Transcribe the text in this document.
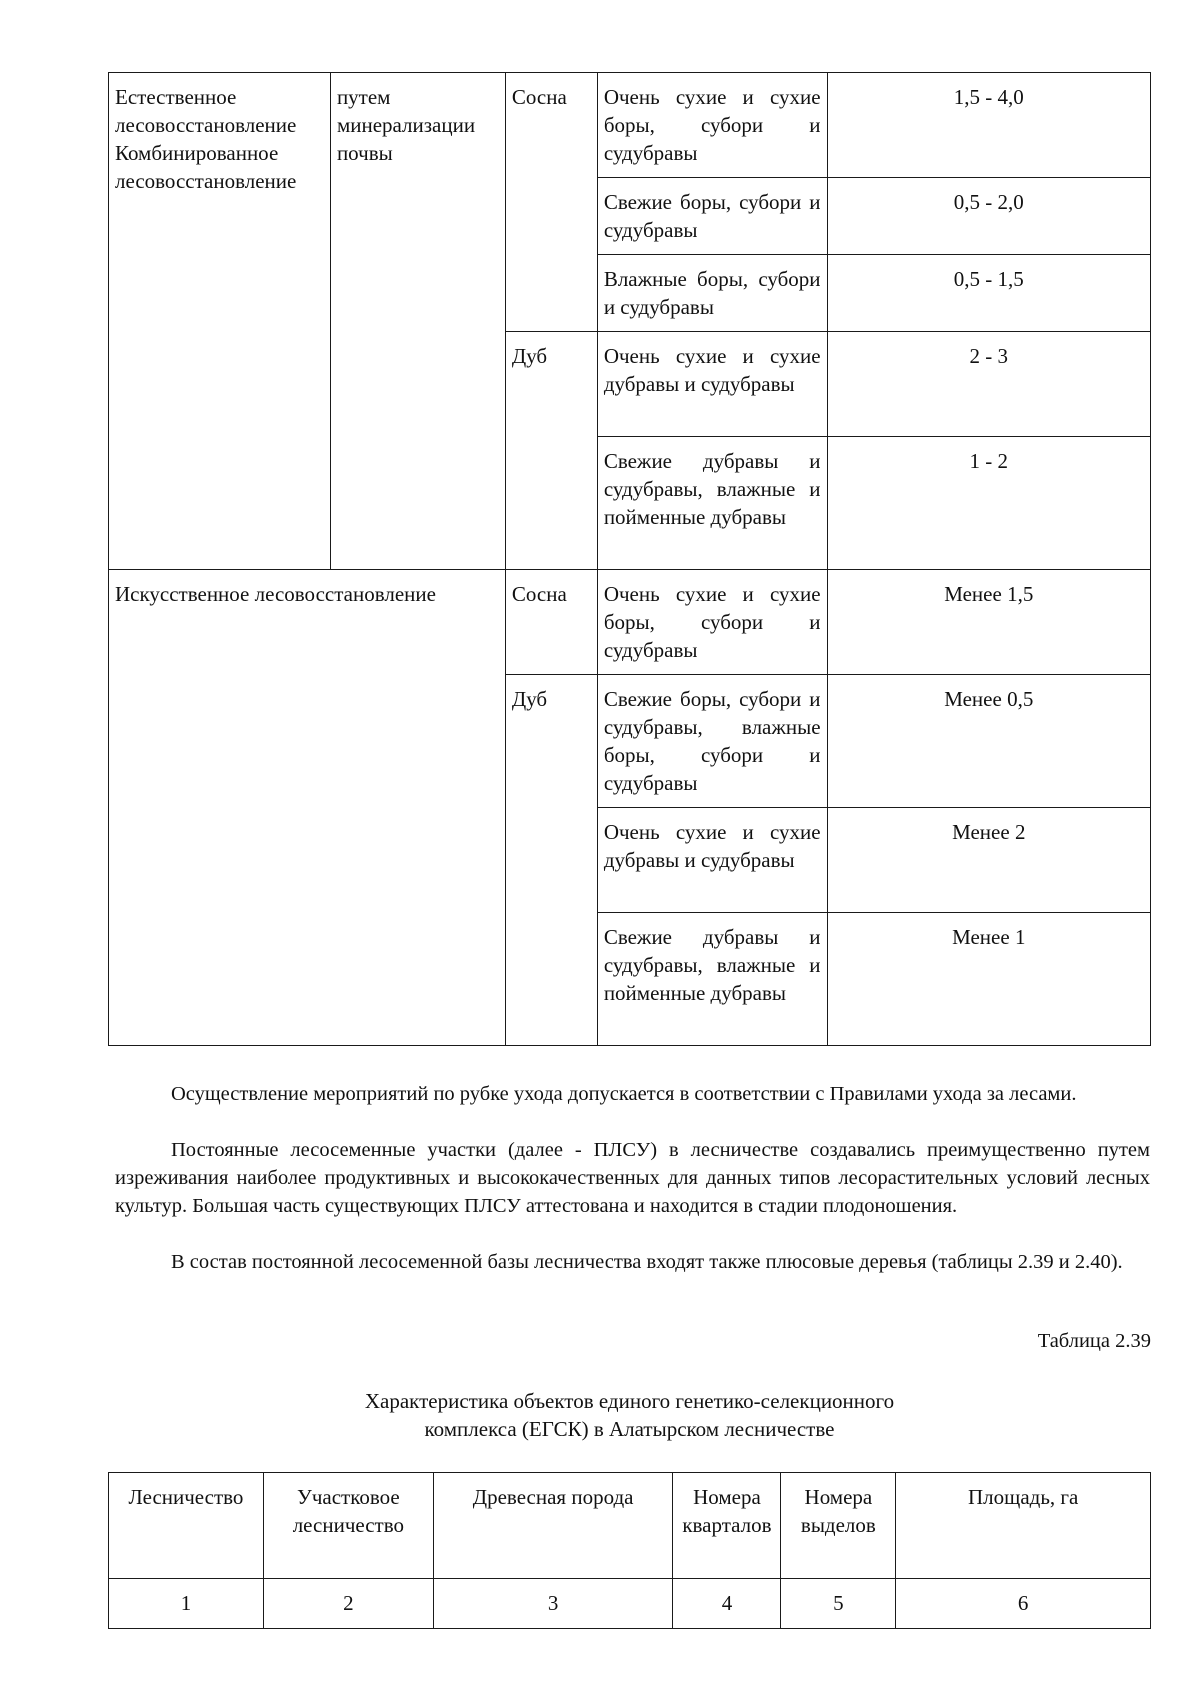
Естественное лесовосстановление Комбинированное лесовосстановление	путем минерализации почвы	Сосна	Очень сухие и сухие боры, субори и судубравы	1,5 - 4,0
			Свежие боры, субори и судубравы	0,5 - 2,0
			Влажные боры, субори и судубравы	0,5 - 1,5
		Дуб	Очень сухие и сухие дубравы и судубравы	2 - 3
			Свежие дубравы и судубравы, влажные и пойменные дубравы	1 - 2
Искусственное лесовосстановление		Сосна	Очень сухие и сухие боры, субори и судубравы	Менее 1,5
		Дуб	Свежие боры, субори и судубравы, влажные боры, субори и судубравы	Менее 0,5
			Очень сухие и сухие дубравы и судубравы	Менее 2
			Свежие дубравы и судубравы, влажные и пойменные дубравы	Менее 1

Осуществление мероприятий по рубке ухода допускается в соответствии с Правилами ухода за лесами.

Постоянные лесосеменные участки (далее - ПЛСУ) в лесничестве создавались преимущественно путем изреживания наиболее продуктивных и высококачественных для данных типов лесорастительных условий лесных культур. Большая часть существующих ПЛСУ аттестована и находится в стадии плодоношения.

В состав постоянной лесосеменной базы лесничества входят также плюсовые деревья (таблицы 2.39 и 2.40).

Таблица 2.39

Характеристика объектов единого генетико-селекционного
комплекса (ЕГСК) в Алатырском лесничестве

Лесничество	Участковое лесничество	Древесная порода	Номера кварталов	Номера выделов	Площадь, га
1	2	3	4	5	6
